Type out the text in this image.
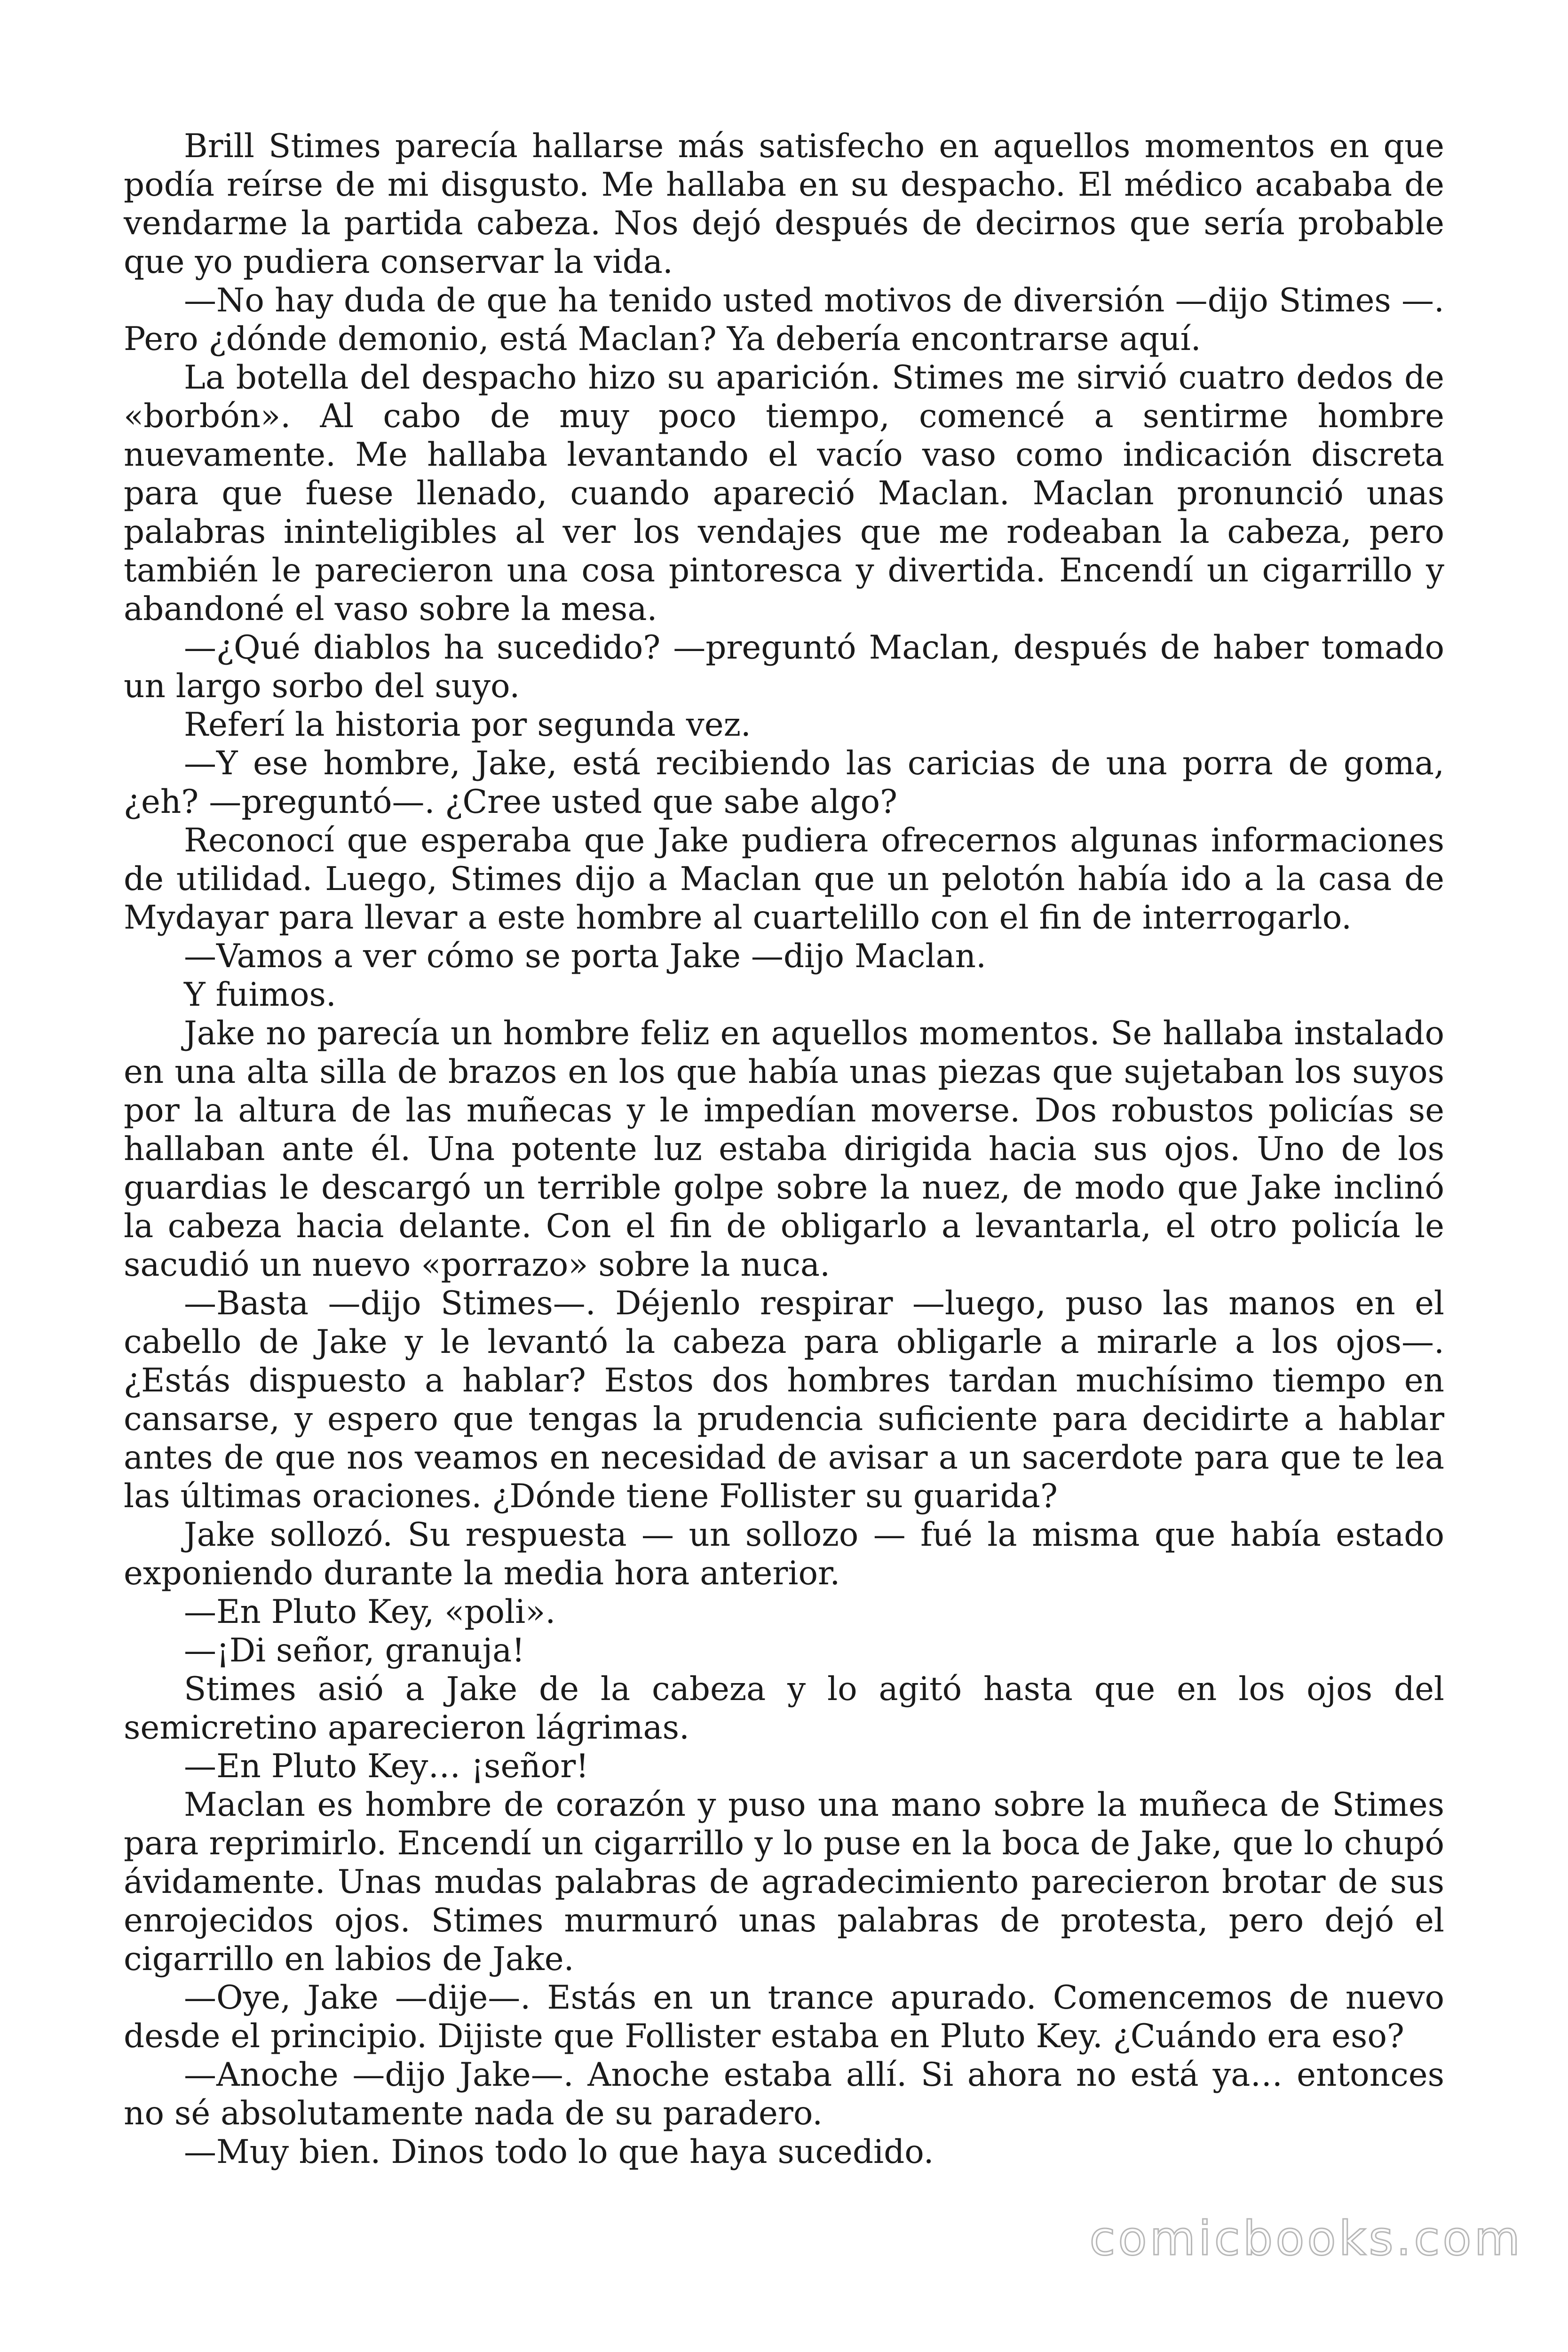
Brill Stimes parecía hallarse más satisfecho en aquellos momentos en que podía reírse de mi disgusto. Me hallaba en su despacho. El médico acababa de vendarme la partida cabeza. Nos dejó después de decirnos que sería probable que yo pudiera conservar la vida.

—No hay duda de que ha tenido usted motivos de diversión —dijo Stimes —. Pero ¿dónde demonio, está Maclan? Ya debería encontrarse aquí.

La botella del despacho hizo su aparición. Stimes me sirvió cuatro dedos de «borbón». Al cabo de muy poco tiempo, comencé a sentirme hombre nuevamente. Me hallaba levantando el vacío vaso como indicación discreta para que fuese llenado, cuando apareció Maclan. Maclan pronunció unas palabras ininteligibles al ver los vendajes que me rodeaban la cabeza, pero también le parecieron una cosa pintoresca y divertida. Encendí un cigarrillo y abandoné el vaso sobre la mesa.

—¿Qué diablos ha sucedido? —preguntó Maclan, después de haber tomado un largo sorbo del suyo.

Referí la historia por segunda vez.

—Y ese hombre, Jake, está recibiendo las caricias de una porra de goma, ¿eh? —preguntó—. ¿Cree usted que sabe algo?

Reconocí que esperaba que Jake pudiera ofrecernos algunas informaciones de utilidad. Luego, Stimes dijo a Maclan que un pelotón había ido a la casa de Mydayar para llevar a este hombre al cuartelillo con el fin de interrogarlo.

—Vamos a ver cómo se porta Jake —dijo Maclan.

Y fuimos.

Jake no parecía un hombre feliz en aquellos momentos. Se hallaba instalado en una alta silla de brazos en los que había unas piezas que sujetaban los suyos por la altura de las muñecas y le impedían moverse. Dos robustos policías se hallaban ante él. Una potente luz estaba dirigida hacia sus ojos. Uno de los guardias le descargó un terrible golpe sobre la nuez, de modo que Jake inclinó la cabeza hacia delante. Con el fin de obligarlo a levantarla, el otro policía le sacudió un nuevo «porrazo» sobre la nuca.

—Basta —dijo Stimes—. Déjenlo respirar —luego, puso las manos en el cabello de Jake y le levantó la cabeza para obligarle a mirarle a los ojos—. ¿Estás dispuesto a hablar? Estos dos hombres tardan muchísimo tiempo en cansarse, y espero que tengas la prudencia suficiente para decidirte a hablar antes de que nos veamos en necesidad de avisar a un sacerdote para que te lea las últimas oraciones. ¿Dónde tiene Follister su guarida?

Jake sollozó. Su respuesta — un sollozo — fué la misma que había estado exponiendo durante la media hora anterior.

—En Pluto Key, «poli».

—¡Di señor, granuja!

Stimes asió a Jake de la cabeza y lo agitó hasta que en los ojos del semicretino aparecieron lágrimas.

—En Pluto Key… ¡señor!

Maclan es hombre de corazón y puso una mano sobre la muñeca de Stimes para reprimirlo. Encendí un cigarrillo y lo puse en la boca de Jake, que lo chupó ávidamente. Unas mudas palabras de agradecimiento parecieron brotar de sus enrojecidos ojos. Stimes murmuró unas palabras de protesta, pero dejó el cigarrillo en labios de Jake.

—Oye, Jake —dije—. Estás en un trance apurado. Comencemos de nuevo desde el principio. Dijiste que Follister estaba en Pluto Key. ¿Cuándo era eso?

—Anoche —dijo Jake—. Anoche estaba allí. Si ahora no está ya… entonces no sé absolutamente nada de su paradero.

—Muy bien. Dinos todo lo que haya sucedido.

comicbooks.com
